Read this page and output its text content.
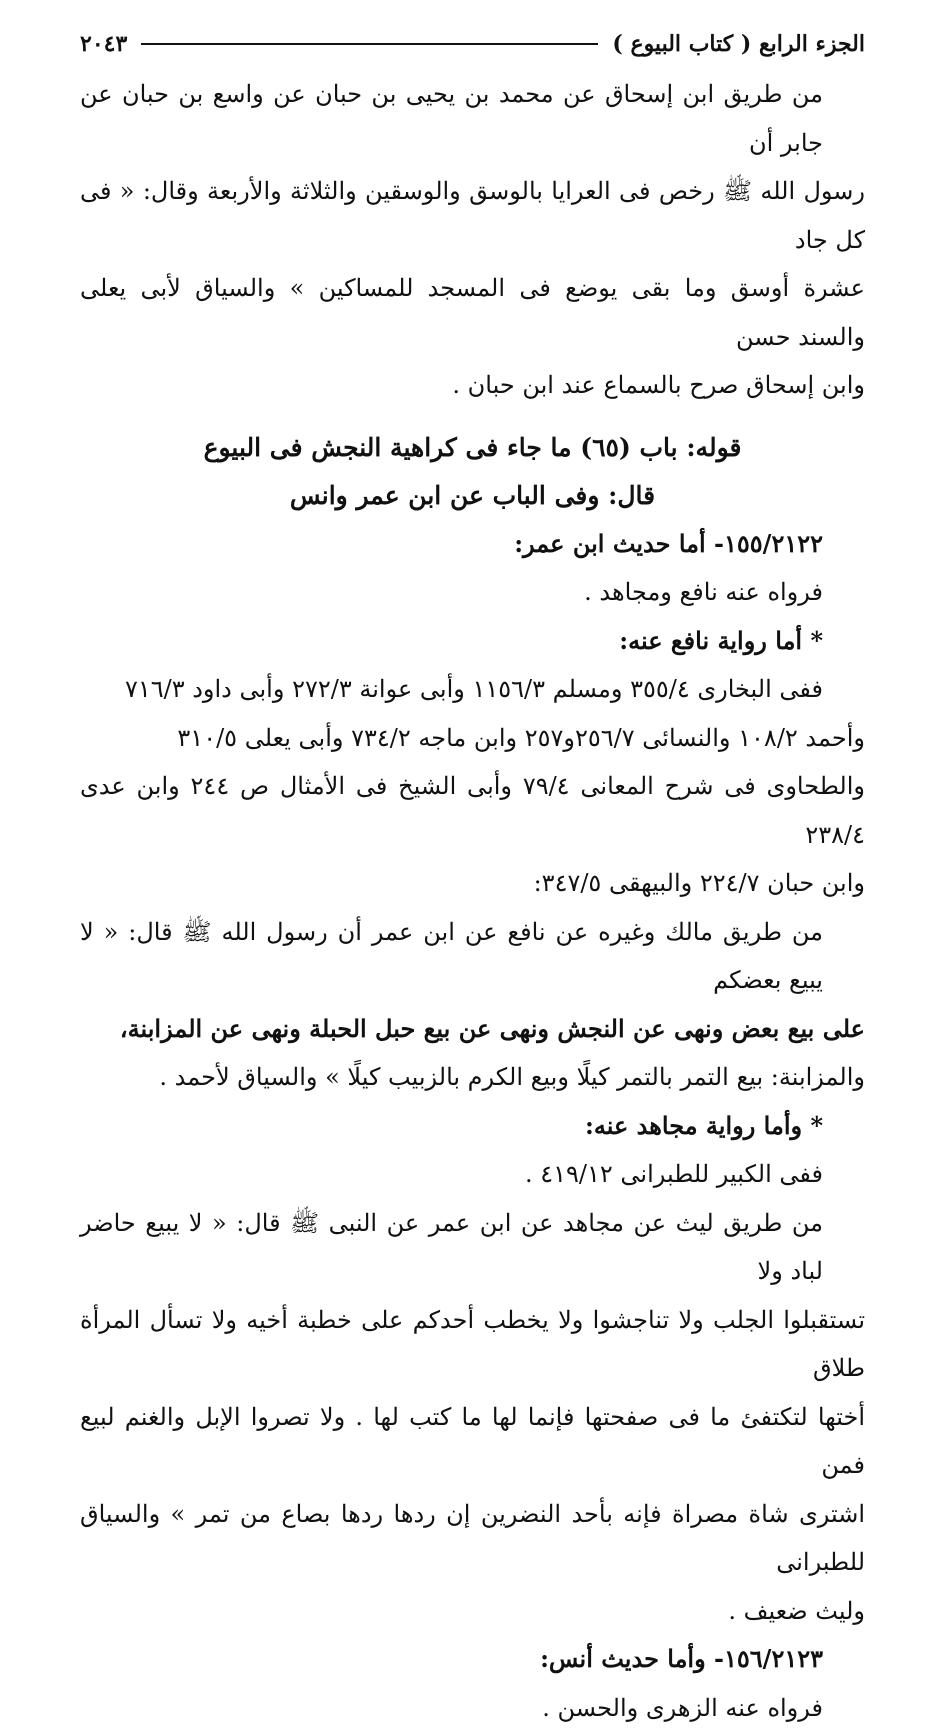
الجزء الرابع ( كتاب البيوع )
٢٠٤٣

من طريق ابن إسحاق عن محمد بن يحيى بن حبان عن واسع بن حبان عن جابر أن

رسول الله ﷺ رخص فى العرايا بالوسق والوسقين والثلاثة والأربعة وقال: « فى كل جاد

عشرة أوسق وما بقى يوضع فى المسجد للمساكين » والسياق لأبى يعلى والسند حسن

وابن إسحاق صرح بالسماع عند ابن حبان .

قوله: باب (٦٥) ما جاء فى كراهية النجش فى البيوع

قال: وفى الباب عن ابن عمر وانس

١٥٥/٢١٢٢- أما حديث ابن عمر:

فرواه عنه نافع ومجاهد .

* أما رواية نافع عنه:

ففى البخارى ٣٥٥/٤ ومسلم ١١٥٦/٣ وأبى عوانة ٢٧٢/٣ وأبى داود ٧١٦/٣

وأحمد ١٠٨/٢ والنسائى ٢٥٦/٧و٢٥٧ وابن ماجه ٧٣٤/٢ وأبى يعلى ٣١٠/٥

والطحاوى فى شرح المعانى ٧٩/٤ وأبى الشيخ فى الأمثال ص ٢٤٤ وابن عدى ٢٣٨/٤

وابن حبان ٢٢٤/٧ والبيهقى ٣٤٧/٥:

من طريق مالك وغيره عن نافع عن ابن عمر أن رسول الله ﷺ قال: « لا يبيع بعضكم

على بيع بعض ونهى عن النجش ونهى عن بيع حبل الحبلة ونهى عن المزابنة،

والمزابنة: بيع التمر بالتمر كيلًا وبيع الكرم بالزبيب كيلًا » والسياق لأحمد .

* وأما رواية مجاهد عنه:

ففى الكبير للطبرانى ٤١٩/١٢ .

من طريق ليث عن مجاهد عن ابن عمر عن النبى ﷺ قال: « لا يبيع حاضر لباد ولا

تستقبلوا الجلب ولا تناجشوا ولا يخطب أحدكم على خطبة أخيه ولا تسأل المرأة طلاق

أختها لتكتفئ ما فى صفحتها فإنما لها ما كتب لها . ولا تصروا الإبل والغنم لبيع فمن

اشترى شاة مصراة فإنه بأحد النضرين إن ردها ردها بصاع من تمر » والسياق للطبرانى

وليث ضعيف .

١٥٦/٢١٢٣- وأما حديث أنس:

فرواه عنه الزهرى والحسن .
